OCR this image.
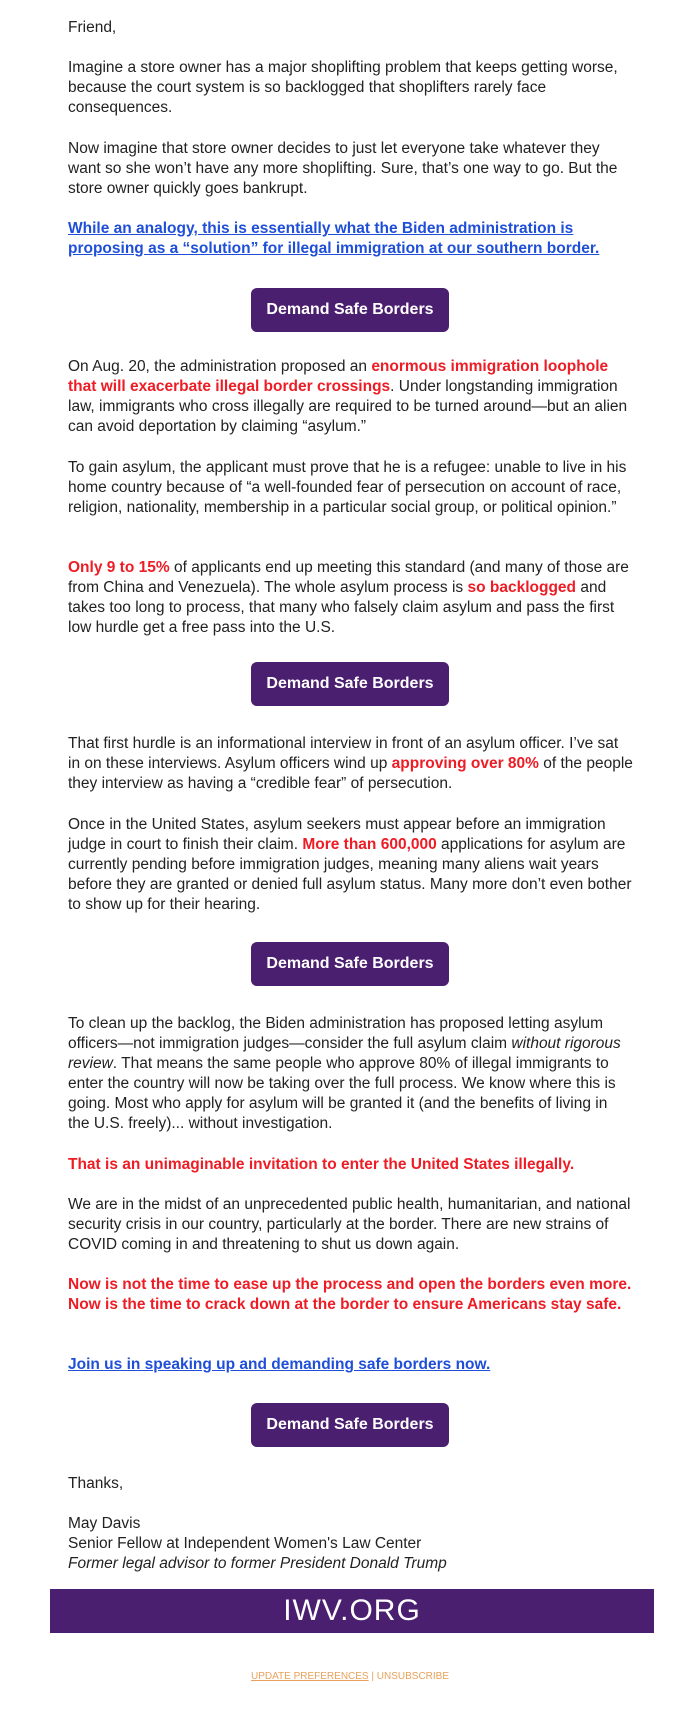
Friend,

Imagine a store owner has a major shoplifting problem that keeps getting worse, because the court system is so backlogged that shoplifters rarely face consequences.

Now imagine that store owner decides to just let everyone take whatever they want so she won’t have any more shoplifting. Sure, that’s one way to go. But the store owner quickly goes bankrupt.

While an analogy, this is essentially what the Biden administration is proposing as a “solution” for illegal immigration at our southern border.

Demand Safe Borders

On Aug. 20, the administration proposed an enormous immigration loophole that will exacerbate illegal border crossings. Under longstanding immigration law, immigrants who cross illegally are required to be turned around—but an alien can avoid deportation by claiming “asylum.”

To gain asylum, the applicant must prove that he is a refugee: unable to live in his home country because of “a well-founded fear of persecution on account of race, religion, nationality, membership in a particular social group, or political opinion.”

Only 9 to 15% of applicants end up meeting this standard (and many of those are from China and Venezuela). The whole asylum process is so backlogged and takes too long to process, that many who falsely claim asylum and pass the first low hurdle get a free pass into the U.S.

Demand Safe Borders

That first hurdle is an informational interview in front of an asylum officer. I’ve sat in on these interviews. Asylum officers wind up approving over 80% of the people they interview as having a “credible fear” of persecution.

Once in the United States, asylum seekers must appear before an immigration judge in court to finish their claim. More than 600,000 applications for asylum are currently pending before immigration judges, meaning many aliens wait years before they are granted or denied full asylum status. Many more don’t even bother to show up for their hearing.

Demand Safe Borders

To clean up the backlog, the Biden administration has proposed letting asylum officers—not immigration judges—consider the full asylum claim without rigorous review. That means the same people who approve 80% of illegal immigrants to enter the country will now be taking over the full process. We know where this is going. Most who apply for asylum will be granted it (and the benefits of living in the U.S. freely)... without investigation.

That is an unimaginable invitation to enter the United States illegally.

We are in the midst of an unprecedented public health, humanitarian, and national security crisis in our country, particularly at the border. There are new strains of COVID coming in and threatening to shut us down again.

Now is not the time to ease up the process and open the borders even more. Now is the time to crack down at the border to ensure Americans stay safe.

Join us in speaking up and demanding safe borders now.

Demand Safe Borders

Thanks,

May Davis

Senior Fellow at Independent Women's Law Center

Former legal advisor to former President Donald Trump

IWV.ORG
UPDATE PREFERENCES | UNSUBSCRIBE
